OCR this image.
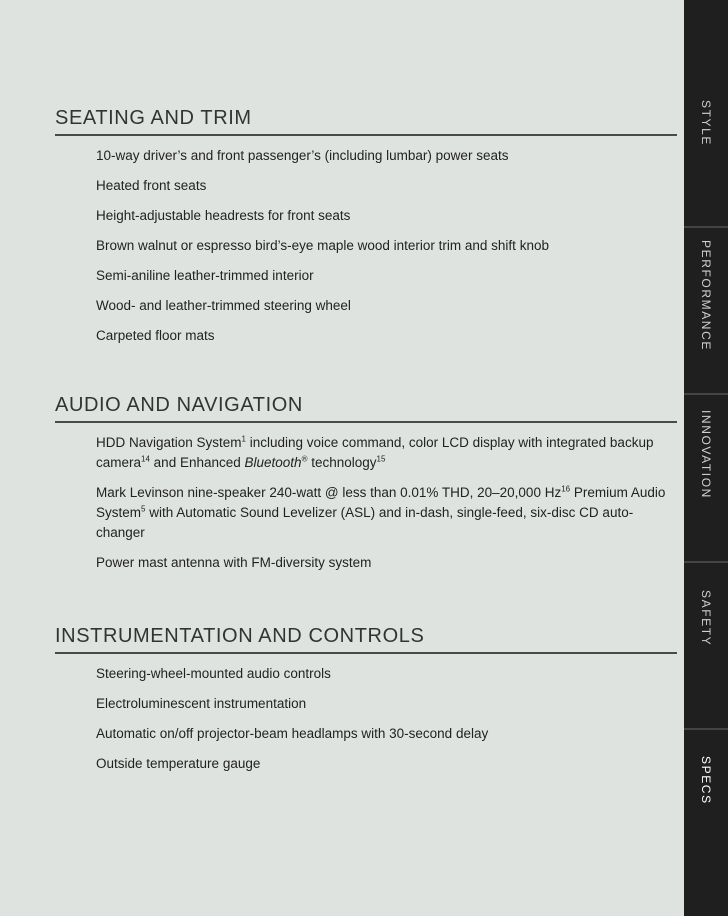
SEATING AND TRIM
10-way driver’s and front passenger’s (including lumbar) power seats
Heated front seats
Height-adjustable headrests for front seats
Brown walnut or espresso bird’s-eye maple wood interior trim and shift knob
Semi-aniline leather-trimmed interior
Wood- and leather-trimmed steering wheel
Carpeted floor mats
AUDIO AND NAVIGATION
HDD Navigation System$^1$ including voice command, color LCD display with integrated backup camera$^{14}$ and Enhanced Bluetooth® technology$^{15}$
Mark Levinson nine-speaker 240-watt @ less than 0.01% THD, 20–20,000 Hz$^{16}$ Premium Audio System$^5$ with Automatic Sound Levelizer (ASL) and in-dash, single-feed, six-disc CD auto-changer
Power mast antenna with FM-diversity system
INSTRUMENTATION AND CONTROLS
Steering-wheel-mounted audio controls
Electroluminescent instrumentation
Automatic on/off projector-beam headlamps with 30-second delay
Outside temperature gauge
STYLE
PERFORMANCE
INNOVATION
SAFETY
SPECS
